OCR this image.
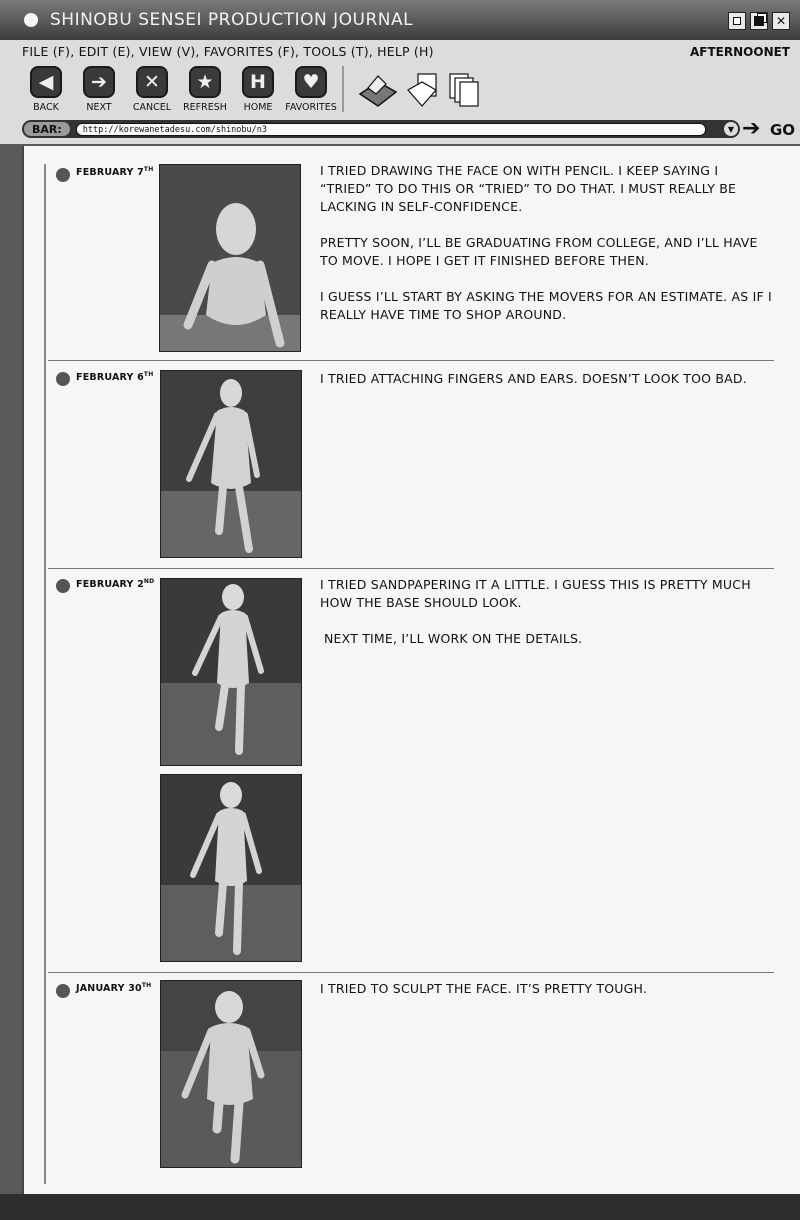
SHINOBU SENSEI PRODUCTION JOURNAL	✕
FILE (F), EDIT (E), VIEW (V), FAVORITES (F), TOOLS (T), HELP (H)	AFTERNOONET
◀
BACK
➔
NEXT
✕
CANCEL
★
REFRESH
H
HOME
♥
FAVORITES
BAR:	http://korewanetadesu.com/shinobu/n3	▼ ➔ GO
FEBRUARY 7TH	I TRIED DRAWING THE FACE ON WITH PENCIL. I KEEP SAYING I “TRIED” TO DO THIS OR “TRIED” TO DO THAT. I MUST REALLY BE LACKING IN SELF-CONFIDENCE.

PRETTY SOON, I’LL BE GRADUATING FROM COLLEGE, AND I’LL HAVE TO MOVE. I HOPE I GET IT FINISHED BEFORE THEN.

I GUESS I’LL START BY ASKING THE MOVERS FOR AN ESTIMATE. AS IF I REALLY HAVE TIME TO SHOP AROUND.

FEBRUARY 6TH	I TRIED ATTACHING FINGERS AND EARS. DOESN’T LOOK TOO BAD.

FEBRUARY 2ND	I TRIED SANDPAPERING IT A LITTLE. I GUESS THIS IS PRETTY MUCH HOW THE BASE SHOULD LOOK.

NEXT TIME, I’LL WORK ON THE DETAILS.

JANUARY 30TH	I TRIED TO SCULPT THE FACE. IT’S PRETTY TOUGH.
